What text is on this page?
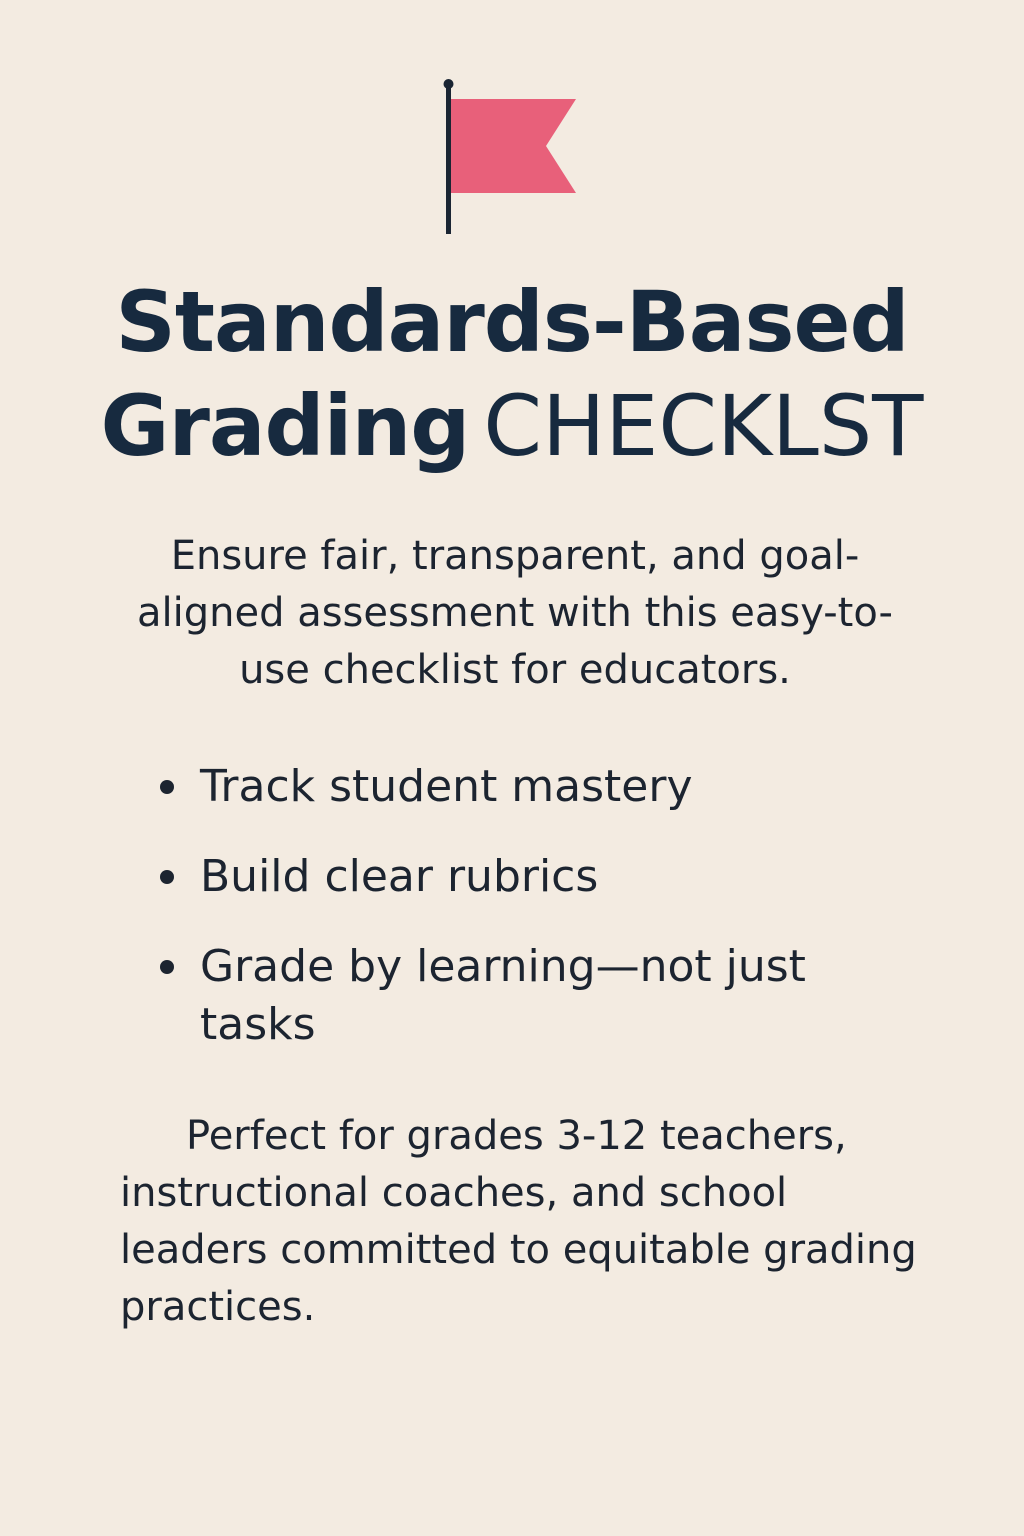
Standards-Based
Grading CHECKLST

Ensure fair, transparent, and goal-aligned assessment with this easy-to-use checklist for educators.

Track student mastery
Build clear rubrics
Grade by learning—not just tasks

Perfect for grades 3-12 teachers, instructional coaches, and school leaders committed to equitable grading practices.
